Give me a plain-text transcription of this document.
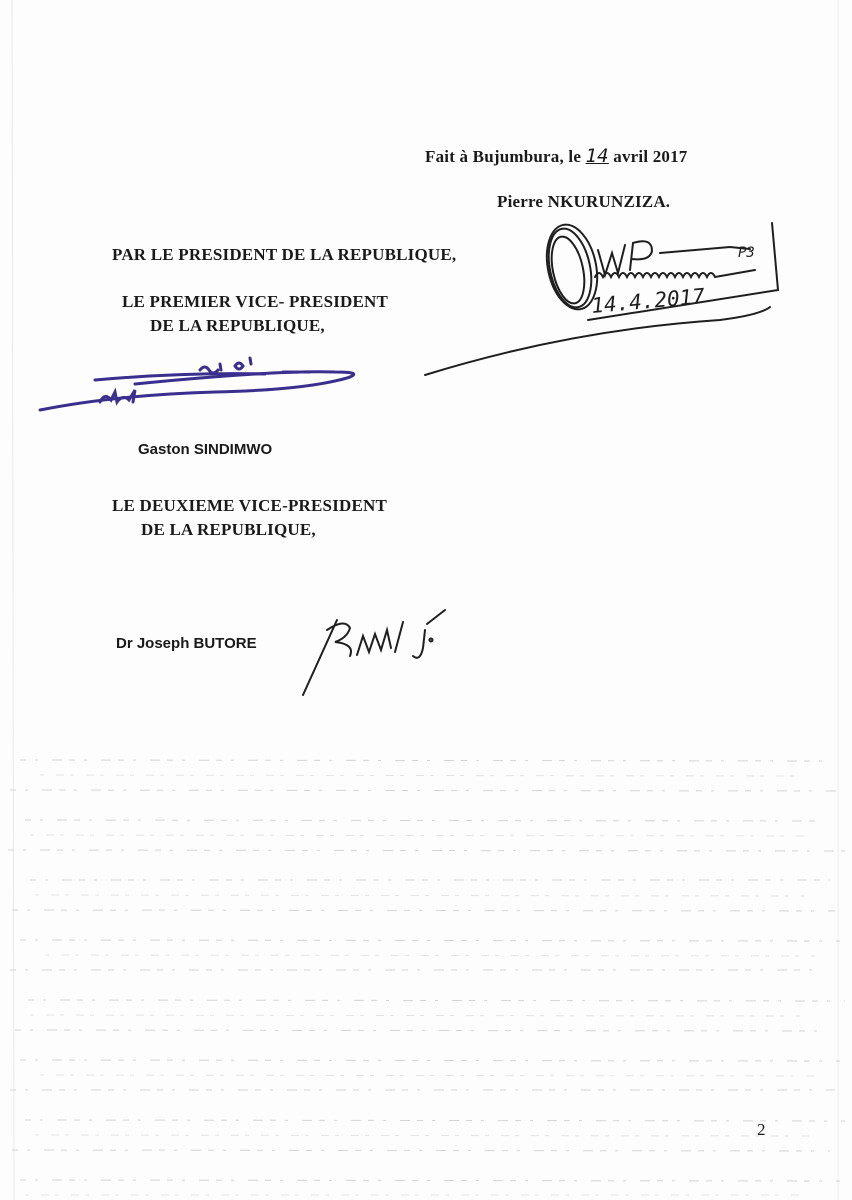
Fait à Bujumbura, le 14 avril 2017
Pierre NKURUNZIZA.
14.4.2017
P3
PAR LE PRESIDENT DE LA REPUBLIQUE,
LE PREMIER VICE- PRESIDENT
DE LA REPUBLIQUE,
Gaston SINDIMWO
LE DEUXIEME VICE-PRESIDENT
DE LA REPUBLIQUE,
Dr Joseph BUTORE
2
